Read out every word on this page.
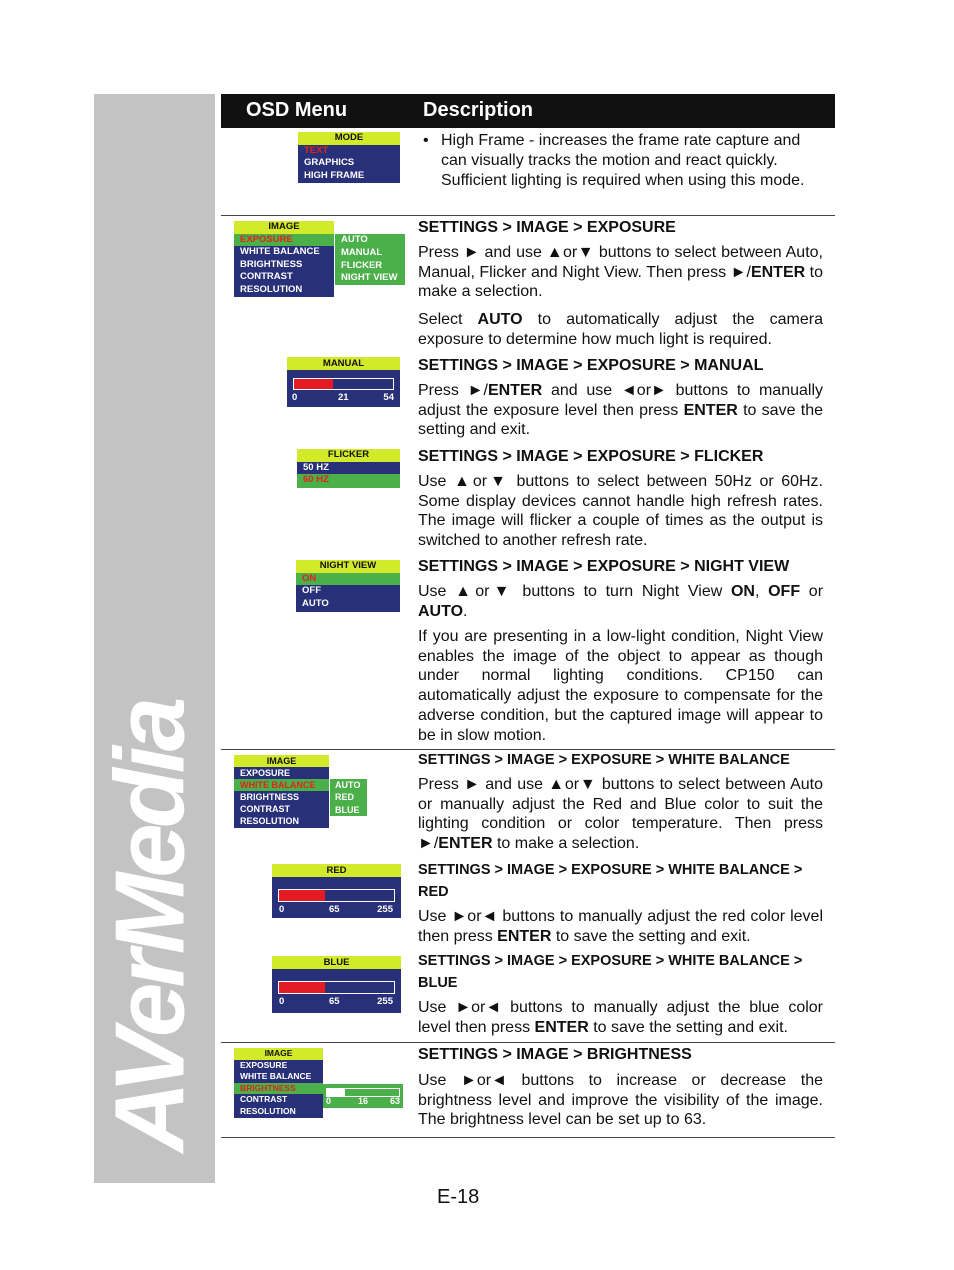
AVerMedia
OSD Menu	Description
MODE
TEXT
GRAPHICS
HIGH FRAME
• High Frame - increases the frame rate capture and can visually tracks the motion and react quickly. Sufficient lighting is required when using this mode.
IMAGE
EXPOSURE
WHITE BALANCE
BRIGHTNESS
CONTRAST
RESOLUTION
AUTO
MANUAL
FLICKER
NIGHT VIEW

SETTINGS > IMAGE > EXPOSURE

Press ► and use ▲or▼ buttons to select between Auto, Manual, Flicker and Night View. Then press ►/ENTER to make a selection.

Select AUTO to automatically adjust the camera exposure to determine how much light is required.

MANUAL
0	21	54

SETTINGS > IMAGE > EXPOSURE > MANUAL

Press ►/ENTER and use ◄or► buttons to manually adjust the exposure level then press ENTER to save the setting and exit.

FLICKER
50 HZ
60 HZ

SETTINGS > IMAGE > EXPOSURE > FLICKER

Use ▲or▼ buttons to select between 50Hz or 60Hz. Some display devices cannot handle high refresh rates. The image will flicker a couple of times as the output is switched to another refresh rate.

NIGHT VIEW
ON
OFF
AUTO

SETTINGS > IMAGE > EXPOSURE > NIGHT VIEW

Use ▲or▼ buttons to turn Night View ON, OFF or AUTO.

If you are presenting in a low-light condition, Night View enables the image of the object to appear as though under normal lighting conditions. CP150 can automatically adjust the exposure to compensate for the adverse condition, but the captured image will appear to be in slow motion.

IMAGE
EXPOSURE
WHITE BALANCE
BRIGHTNESS
CONTRAST
RESOLUTION
AUTO
RED
BLUE

SETTINGS > IMAGE > EXPOSURE > WHITE BALANCE

Press ► and use ▲or▼ buttons to select between Auto or manually adjust the Red and Blue color to suit the lighting condition or color temperature. Then press ►/ENTER to make a selection.

RED
0	65	255

SETTINGS > IMAGE > EXPOSURE > WHITE BALANCE > RED

Use ►or◄ buttons to manually adjust the red color level then press ENTER to save the setting and exit.

BLUE
0	65	255

SETTINGS > IMAGE > EXPOSURE > WHITE BALANCE > BLUE

Use ►or◄ buttons to manually adjust the blue color level then press ENTER to save the setting and exit.

IMAGE
EXPOSURE
WHITE BALANCE
BRIGHTNESS
CONTRAST
RESOLUTION
0	16 63

SETTINGS > IMAGE > BRIGHTNESS

Use ►or◄ buttons to increase or decrease the brightness level and improve the visibility of the image. The brightness level can be set up to 63.

E-18
